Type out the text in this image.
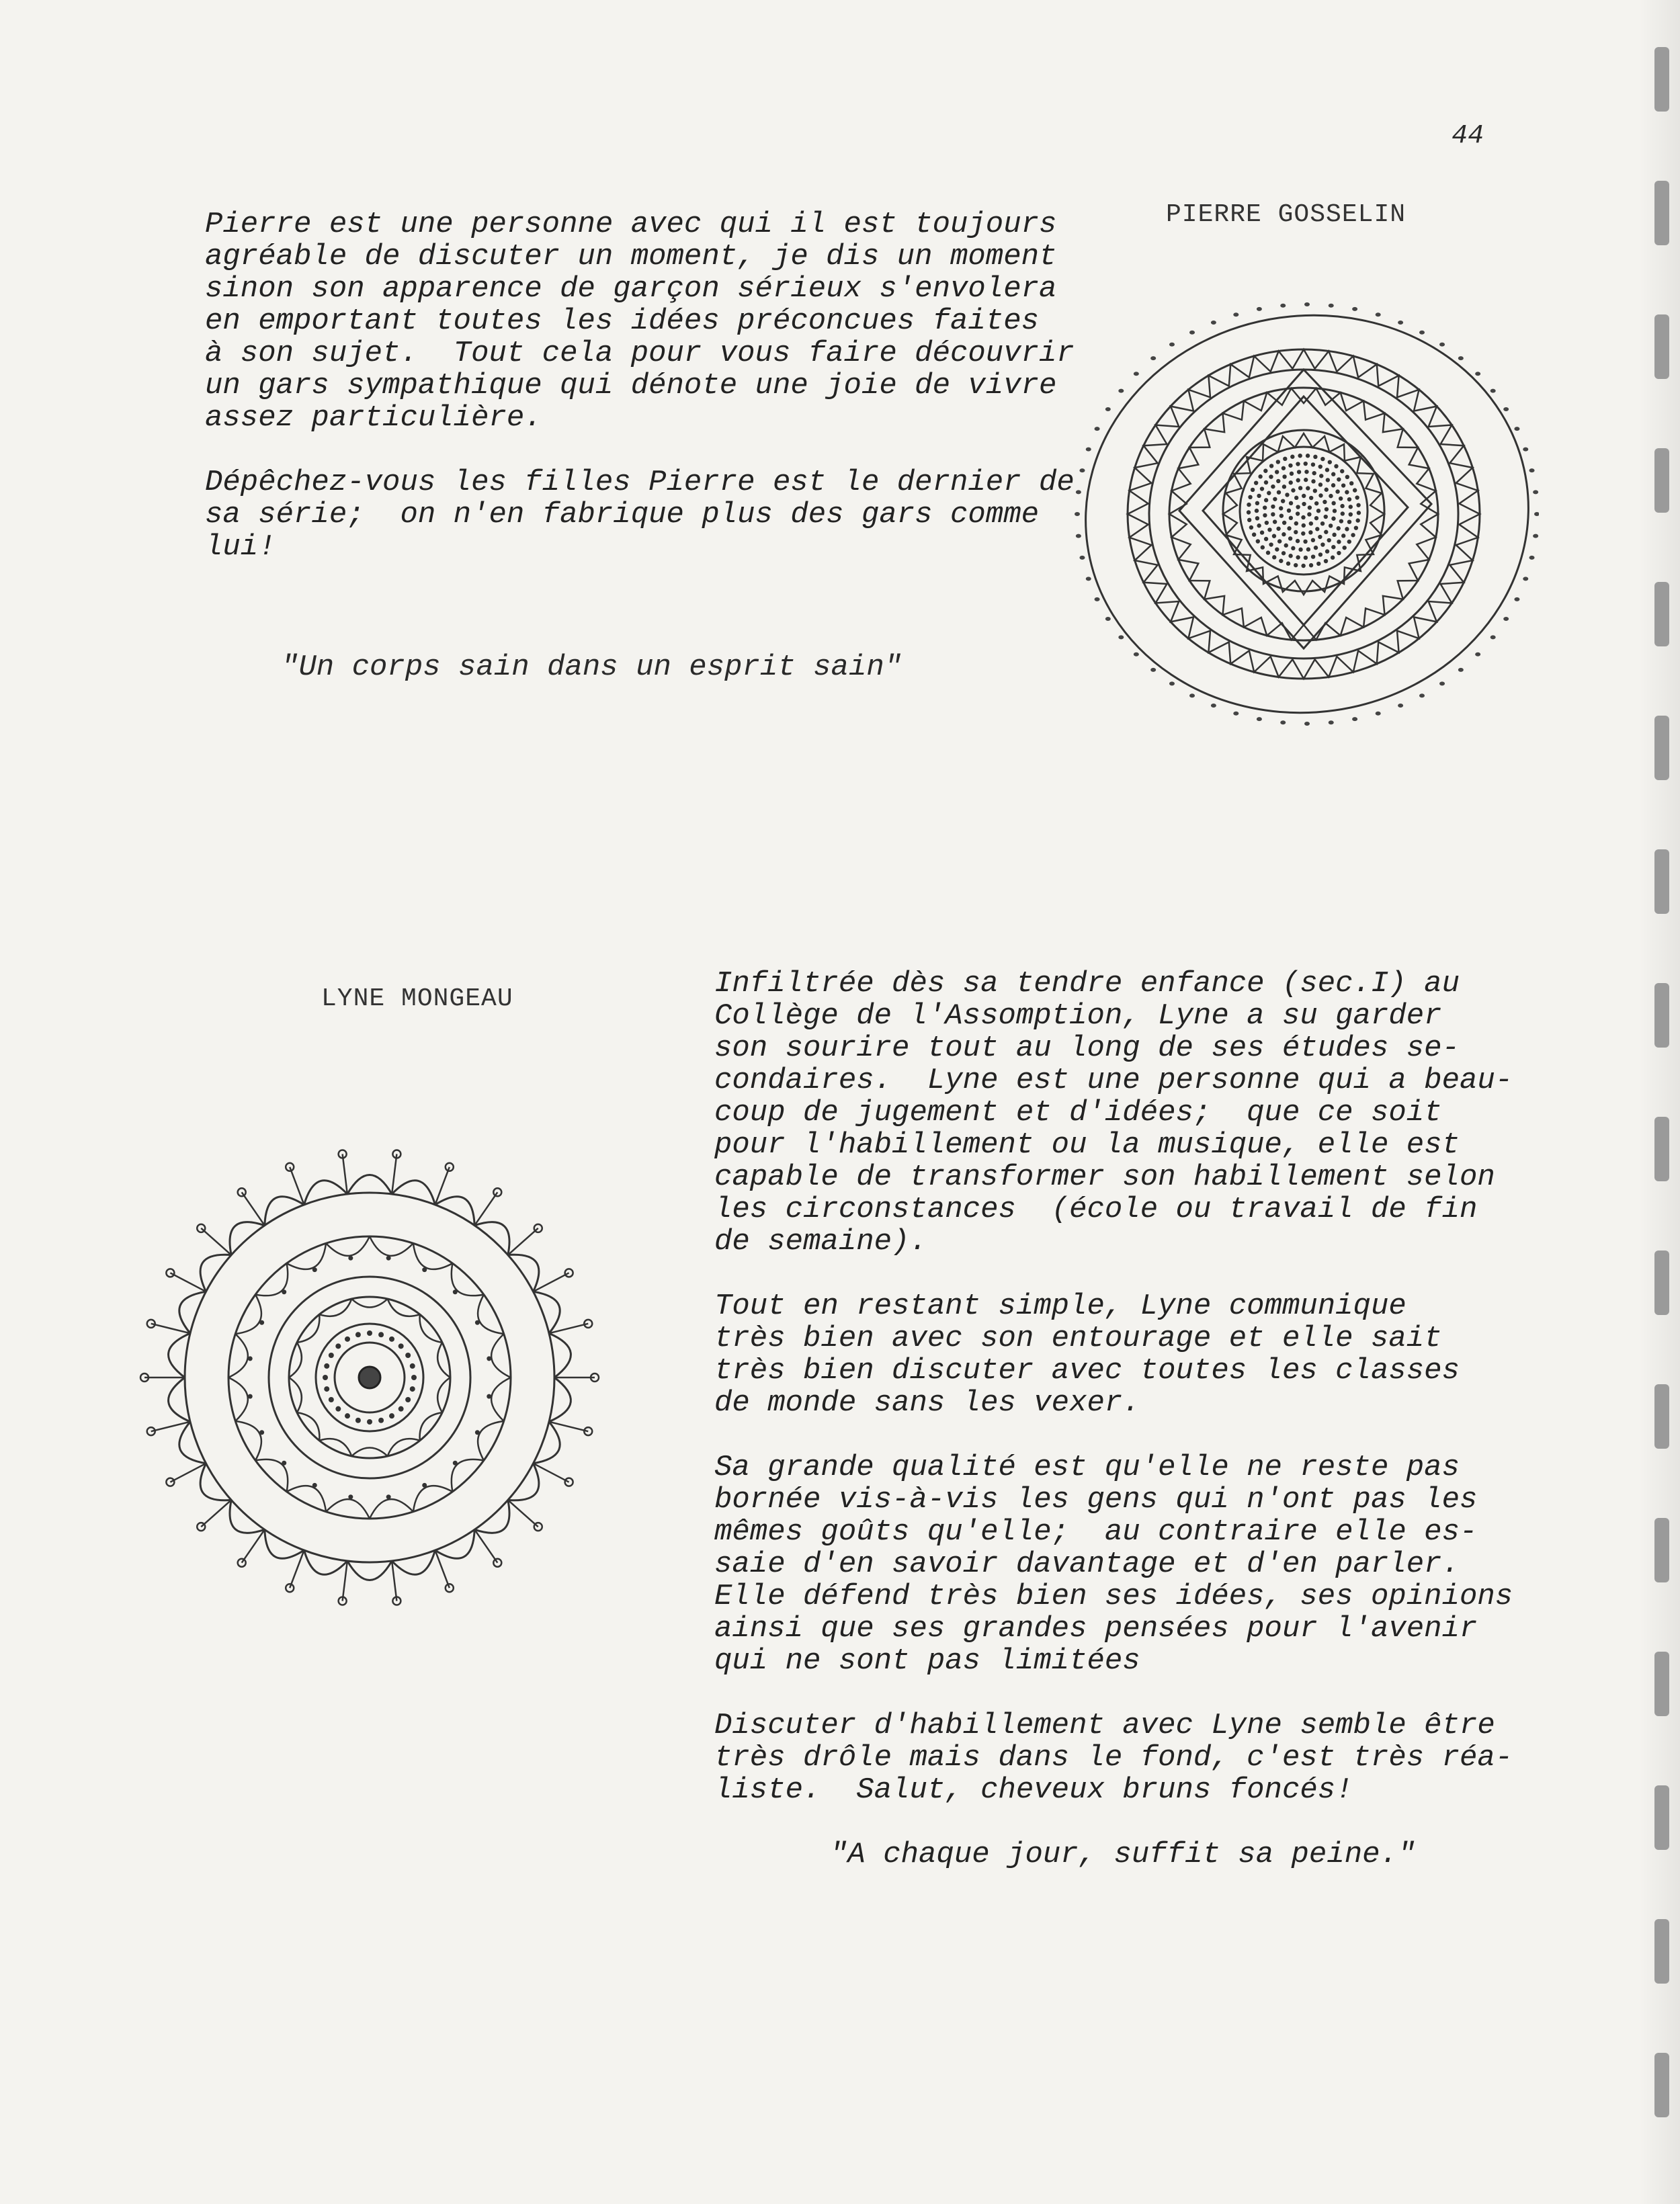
44
PIERRE GOSSELIN

Pierre est une personne avec qui il est toujours

agréable de discuter un moment, je dis un moment

sinon son apparence de garçon sérieux s'envolera

en emportant toutes les idées préconcues faites

à son sujet.  Tout cela pour vous faire découvrir

un gars sympathique qui dénote une joie de vivre

assez particulière.

Dépêchez-vous les filles Pierre est le dernier de

sa série;  on n'en fabrique plus des gars comme

lui!

"Un corps sain dans un esprit sain"
LYNE MONGEAU	Infiltrée dès sa tendre enfance (sec.I) au

Collège de l'Assomption, Lyne a su garder

son sourire tout au long de ses études se-

condaires.  Lyne est une personne qui a beau-

coup de jugement et d'idées;  que ce soit

pour l'habillement ou la musique, elle est

capable de transformer son habillement selon

les circonstances  (école ou travail de fin

de semaine).

Tout en restant simple, Lyne communique

très bien avec son entourage et elle sait

très bien discuter avec toutes les classes

de monde sans les vexer.

Sa grande qualité est qu'elle ne reste pas

bornée vis-à-vis les gens qui n'ont pas les

mêmes goûts qu'elle;  au contraire elle es-

saie d'en savoir davantage et d'en parler.

Elle défend très bien ses idées, ses opinions

ainsi que ses grandes pensées pour l'avenir

qui ne sont pas limitées

Discuter d'habillement avec Lyne semble être

très drôle mais dans le fond, c'est très réa-

liste.  Salut, cheveux bruns foncés!

"A chaque jour, suffit sa peine."
